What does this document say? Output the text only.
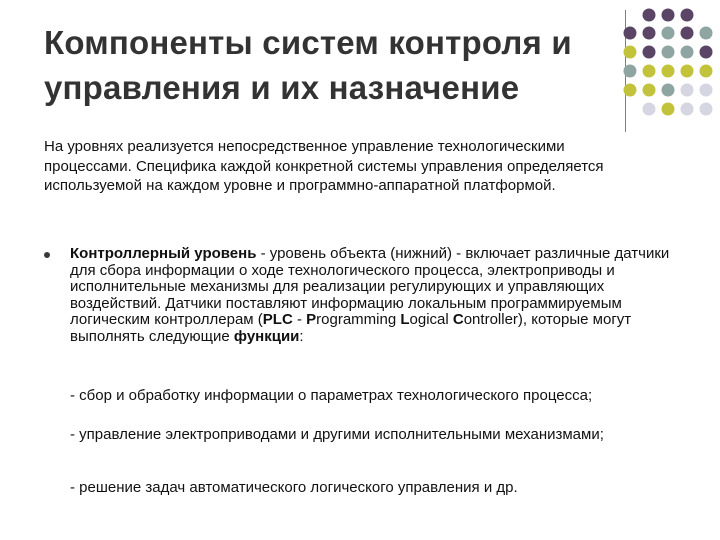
Компоненты систем контроля и управления и их назначение
На уровнях реализуется непосредственное управление технологическими процессами. Специфика каждой конкретной системы управления определяется используемой на каждом уровне и программно-аппаратной платформой.
Контроллерный уровень - уровень объекта (нижний) - включает различные датчики для сбора информации о ходе технологического процесса, электроприводы и исполнительные механизмы для реализации регулирующих и управляющих воздействий. Датчики поставляют информацию локальным программируемым логическим контроллерам (PLC - Programming Logical Controller), которые могут выполнять следующие функции:
- сбор и обработку информации о параметрах технологического процесса;
- управление электроприводами и другими исполнительными механизмами;
- решение задач автоматического логического управления и др.
